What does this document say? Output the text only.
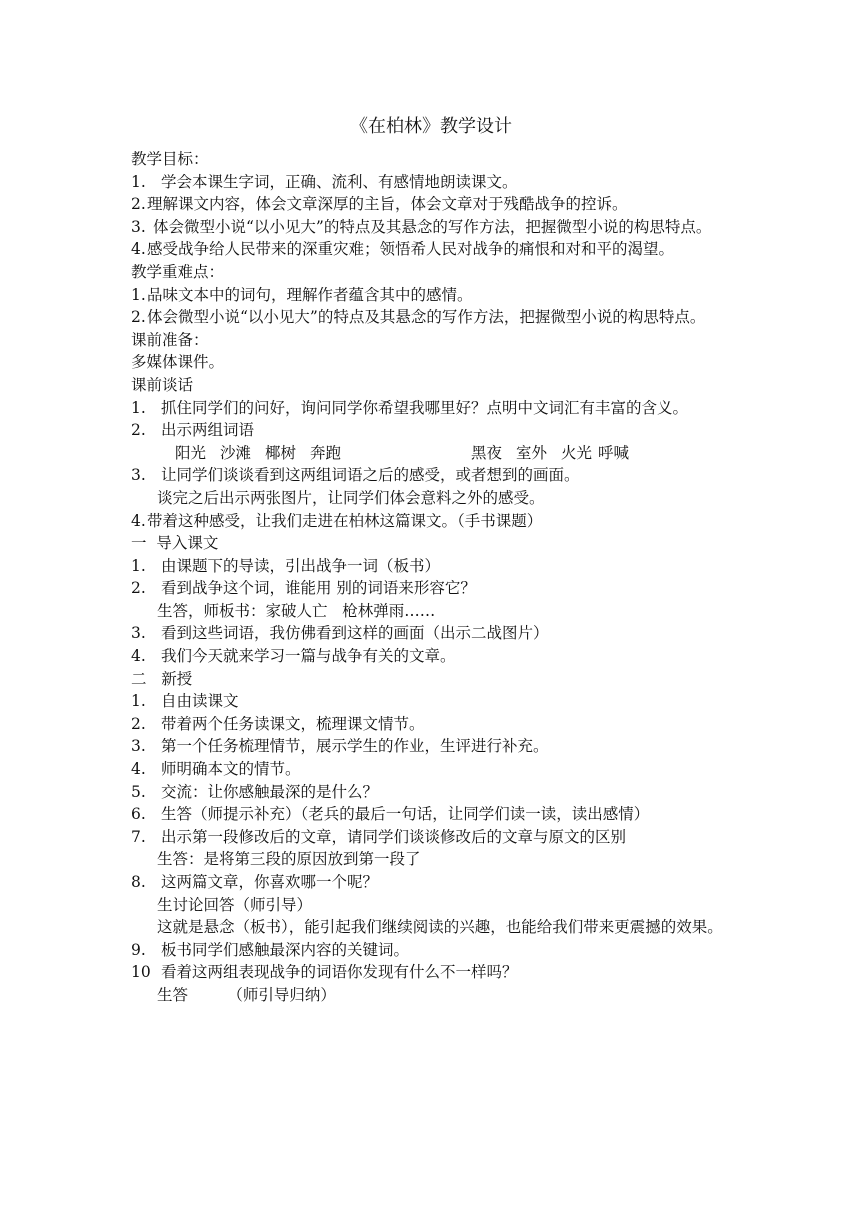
《在柏林》教学设计
教学目标：
1. 学会本课生字词，正确、流利、有感情地朗读课文。
2. 理解课文内容，体会文章深厚的主旨，体会文章对于残酷战争的控诉。
3. 体会微型小说“以小见大”的特点及其悬念的写作方法，把握微型小说的构思特点。
4. 感受战争给人民带来的深重灾难；领悟希人民对战争的痛恨和对和平的渴望。
教学重难点：
1. 品味文本中的词句，理解作者蕴含其中的感情。
2. 体会微型小说“以小见大”的特点及其悬念的写作方法，把握微型小说的构思特点。
课前准备：
多媒体课件。
课前谈话
1. 抓住同学们的问好，询问同学你希望我哪里好？点明中文词汇有丰富的含义。
2. 出示两组词语
阳光 沙滩 椰树 奔跑	黑夜 室外 火光 呼喊
3. 让同学们谈谈看到这两组词语之后的感受，或者想到的画面。
谈完之后出示两张图片，让同学们体会意料之外的感受。
4. 带着这种感受，让我们走进在柏林这篇课文。（手书课题）
一  导入课文
1. 由课题下的导读，引出战争一词（板书）
2. 看到战争这个词，谁能用 别的词语来形容它？
生答，师板书：家破人亡   枪林弹雨……
3. 看到这些词语，我仿佛看到这样的画面（出示二战图片）
4. 我们今天就来学习一篇与战争有关的文章。
二   新授
1. 自由读课文
2. 带着两个任务读课文，梳理课文情节。
3. 第一个任务梳理情节，展示学生的作业，生评进行补充。
4. 师明确本文的情节。
5. 交流：让你感触最深的是什么？
6. 生答（师提示补充）（老兵的最后一句话，让同学们读一读，读出感情）
7. 出示第一段修改后的文章，请同学们谈谈修改后的文章与原文的区别
生答：是将第三段的原因放到第一段了
8. 这两篇文章，你喜欢哪一个呢？
生讨论回答（师引导）
这就是悬念（板书），能引起我们继续阅读的兴趣，也能给我们带来更震撼的效果。
9. 板书同学们感触最深内容的关键词。
10 看着这两组表现战争的词语你发现有什么不一样吗？
生答        （师引导归纳）
